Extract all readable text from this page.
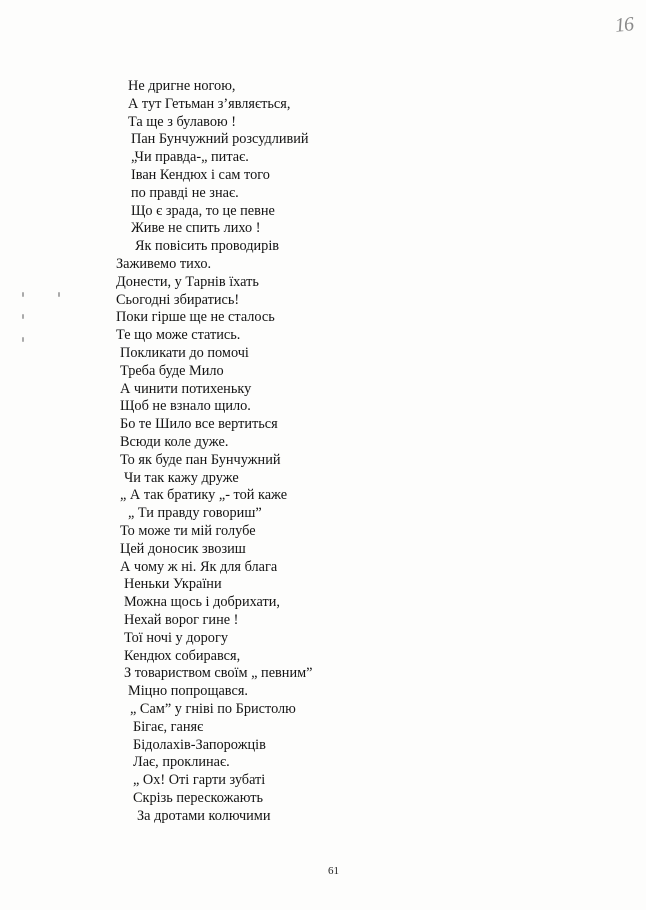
16
Не дригне ногою,
А тут Гетьман з’являється,
Та ще з булавою !
Пан Бунчужний розсудливий
„Чи правда-„ питає.
Іван Кендюх і сам того
по правді не знає.
Що є зрада, то це певне
Живе не спить лихо !
Як повісить проводирів
Заживемо тихо.
Донести, у Тарнів їхать
Сьогодні збиратись!
Поки гірше ще не сталось
Те що може статись.
Покликати до помочі
Треба буде Мило
А чинити потихеньку
Щоб не взнало щило.
Бо те Шило все вертиться
Всюди коле дуже.
То як буде пан Бунчужний
Чи так кажу друже
„ А так братику „- той каже
„ Ти правду говориш”
То може ти мій голубе
Цей доносик звозиш
А чому ж ні. Як для блага
Неньки України
Можна щось і добрихати,
Нехай ворог гине !
Тої ночі у дорогу
Кендюх собирався,
З товариством своїм „ певним”
Міцно попрощався.
„ Сам” у гніві по Бристолю
Бігає, ганяє
Бідолахів-Запорожців
Лає, проклинає.
„ Ох! Оті гарти зубаті
Скрізь перескожають
За дротами колючими
61
